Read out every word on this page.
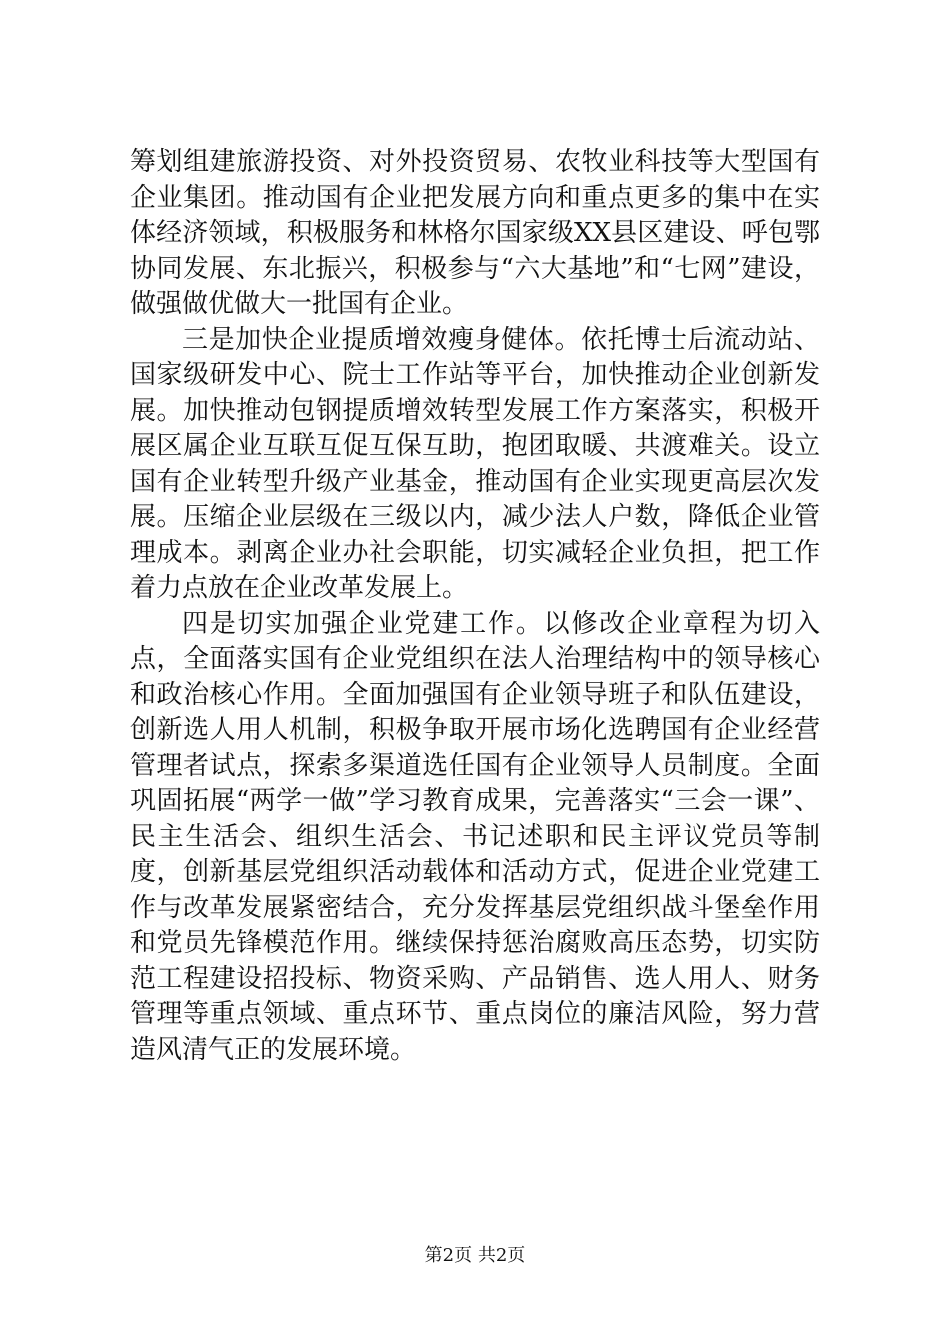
筹划组建旅游投资、对外投资贸易、农牧业科技等大型国有企业集团。推动国有企业把发展方向和重点更多的集中在实体经济领域，积极服务和林格尔国家级XX县区建设、呼包鄂协同发展、东北振兴，积极参与“六大基地”和“七网”建设，做强做优做大一批国有企业。

三是加快企业提质增效瘦身健体。依托博士后流动站、国家级研发中心、院士工作站等平台，加快推动企业创新发展。加快推动包钢提质增效转型发展工作方案落实，积极开展区属企业互联互促互保互助，抱团取暖、共渡难关。设立国有企业转型升级产业基金，推动国有企业实现更高层次发展。压缩企业层级在三级以内，减少法人户数，降低企业管理成本。剥离企业办社会职能，切实减轻企业负担，把工作着力点放在企业改革发展上。

四是切实加强企业党建工作。以修改企业章程为切入点，全面落实国有企业党组织在法人治理结构中的领导核心和政治核心作用。全面加强国有企业领导班子和队伍建设，创新选人用人机制，积极争取开展市场化选聘国有企业经营管理者试点，探索多渠道选任国有企业领导人员制度。全面巩固拓展“两学一做”学习教育成果，完善落实“三会一课”、民主生活会、组织生活会、书记述职和民主评议党员等制度，创新基层党组织活动载体和活动方式，促进企业党建工作与改革发展紧密结合，充分发挥基层党组织战斗堡垒作用和党员先锋模范作用。继续保持惩治腐败高压态势，切实防范工程建设招投标、物资采购、产品销售、选人用人、财务管理等重点领域、重点环节、重点岗位的廉洁风险，努力营造风清气正的发展环境。

第2页 共2页
